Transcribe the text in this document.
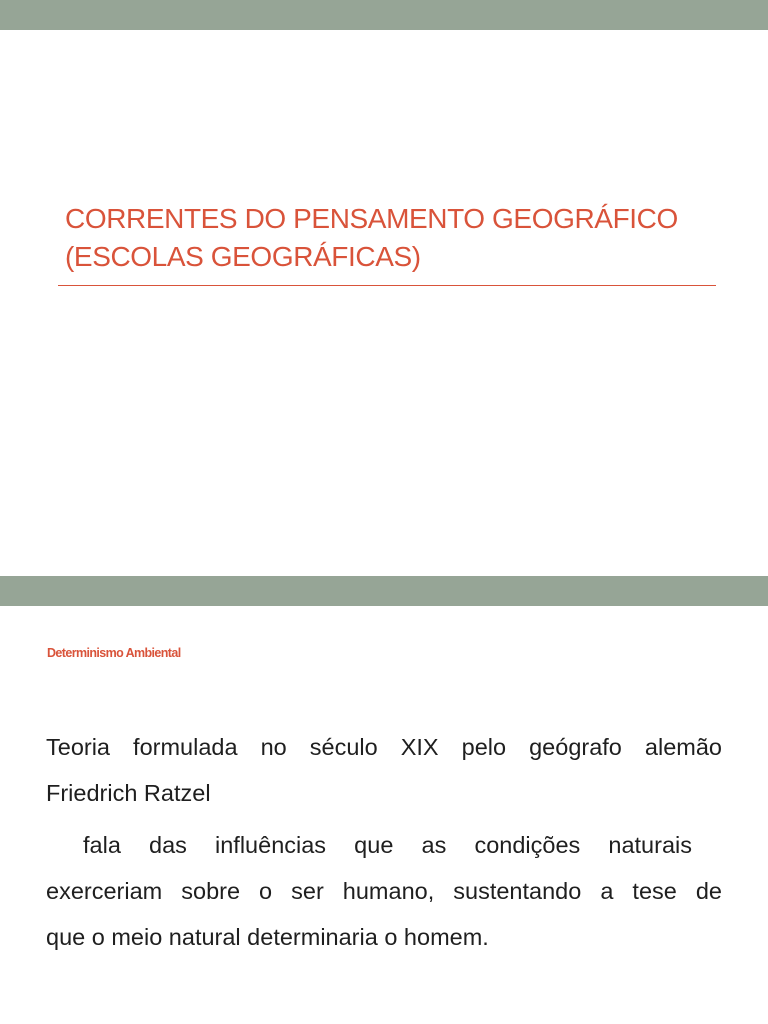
CORRENTES DO PENSAMENTO GEOGRÁFICO
(ESCOLAS GEOGRÁFICAS)
Determinismo Ambiental

Teoria formulada no século XIX pelo geógrafo alemão
Friedrich Ratzel

fala das influências que as condições naturais
exerceriam sobre o ser humano, sustentando a tese de
que o meio natural determinaria o homem.
